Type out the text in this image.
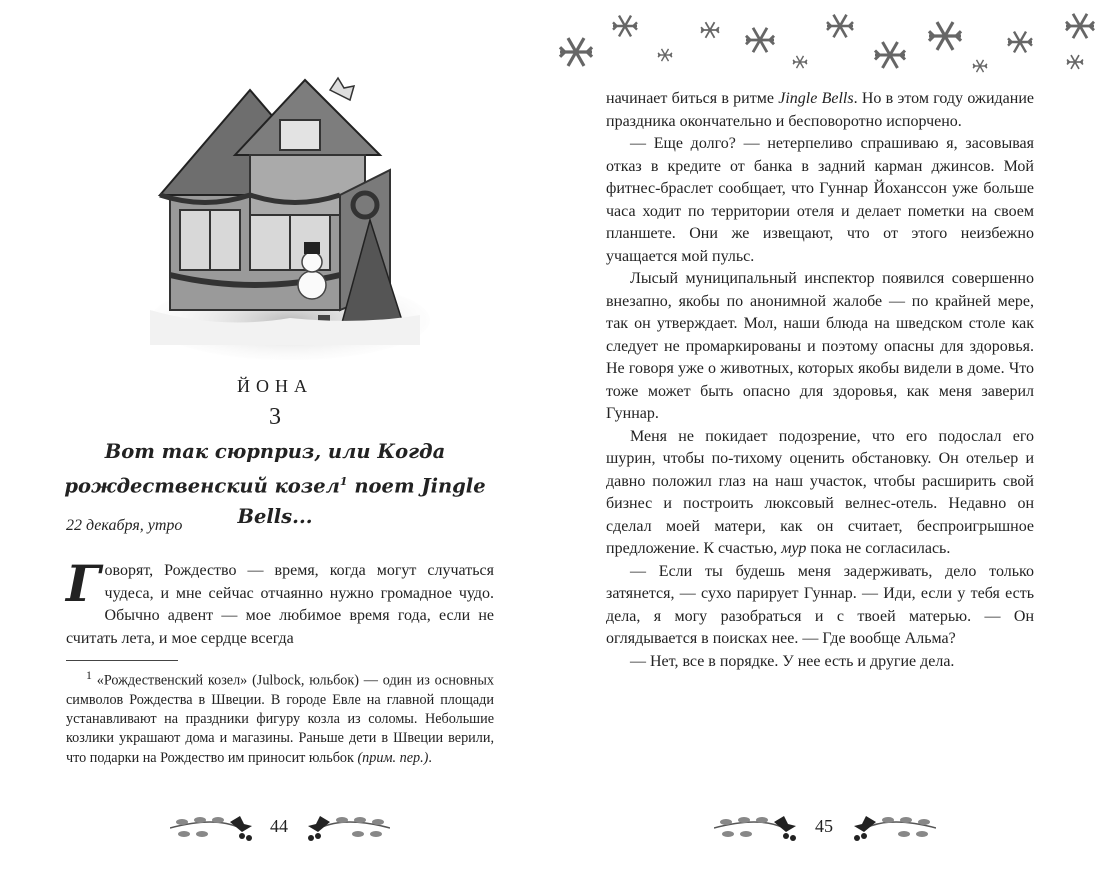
ЙОНА
3
Вот так сюрприз, или Когда
рождественский козел$^1$ поет Jingle Bells...
22 декабря, утро
Говорят, Рождество — время, когда могут случаться чудеса, и мне сейчас отчаянно нужно громадное чудо. Обычно адвент — мое любимое время года, если не считать лета, и мое сердце всегда
$^1$ «Рождественский козел» (Julbock, юльбок) — один из основных символов Рождества в Швеции. В городе Евле на главной площади устанавливают на праздники фигуру козла из соломы. Небольшие козлики украшают дома и магазины. Раньше дети в Швеции верили, что подарки на Рождество им приносит юльбок (прим. пер.).
44

начинает биться в ритме Jingle Bells. Но в этом году ожидание праздника окончательно и бесповоротно испорчено.

— Еще долго? — нетерпеливо спрашиваю я, засовывая отказ в кредите от банка в задний карман джинсов. Мой фитнес-браслет сообщает, что Гуннар Йоханссон уже больше часа ходит по территории отеля и делает пометки на своем планшете. Они же извещают, что от этого неизбежно учащается мой пульс.

Лысый муниципальный инспектор появился совершенно внезапно, якобы по анонимной жалобе — по крайней мере, так он утверждает. Мол, наши блюда на шведском столе как следует не промаркированы и поэтому опасны для здоровья. Не говоря уже о животных, которых якобы видели в доме. Что тоже может быть опасно для здоровья, как меня заверил Гуннар.

Меня не покидает подозрение, что его подослал его шурин, чтобы по-тихому оценить обстановку. Он отельер и давно положил глаз на наш участок, чтобы расширить свой бизнес и построить люксовый велнес-отель. Недавно он сделал моей матери, как он считает, беспроигрышное предложение. К счастью, мур пока не согласилась.

— Если ты будешь меня задерживать, дело только затянется, — сухо парирует Гуннар. — Иди, если у тебя есть дела, я могу разобраться и с твоей матерью. — Он оглядывается в поисках нее. — Где вообще Альма?

— Нет, все в порядке. У нее есть и другие дела.

45
